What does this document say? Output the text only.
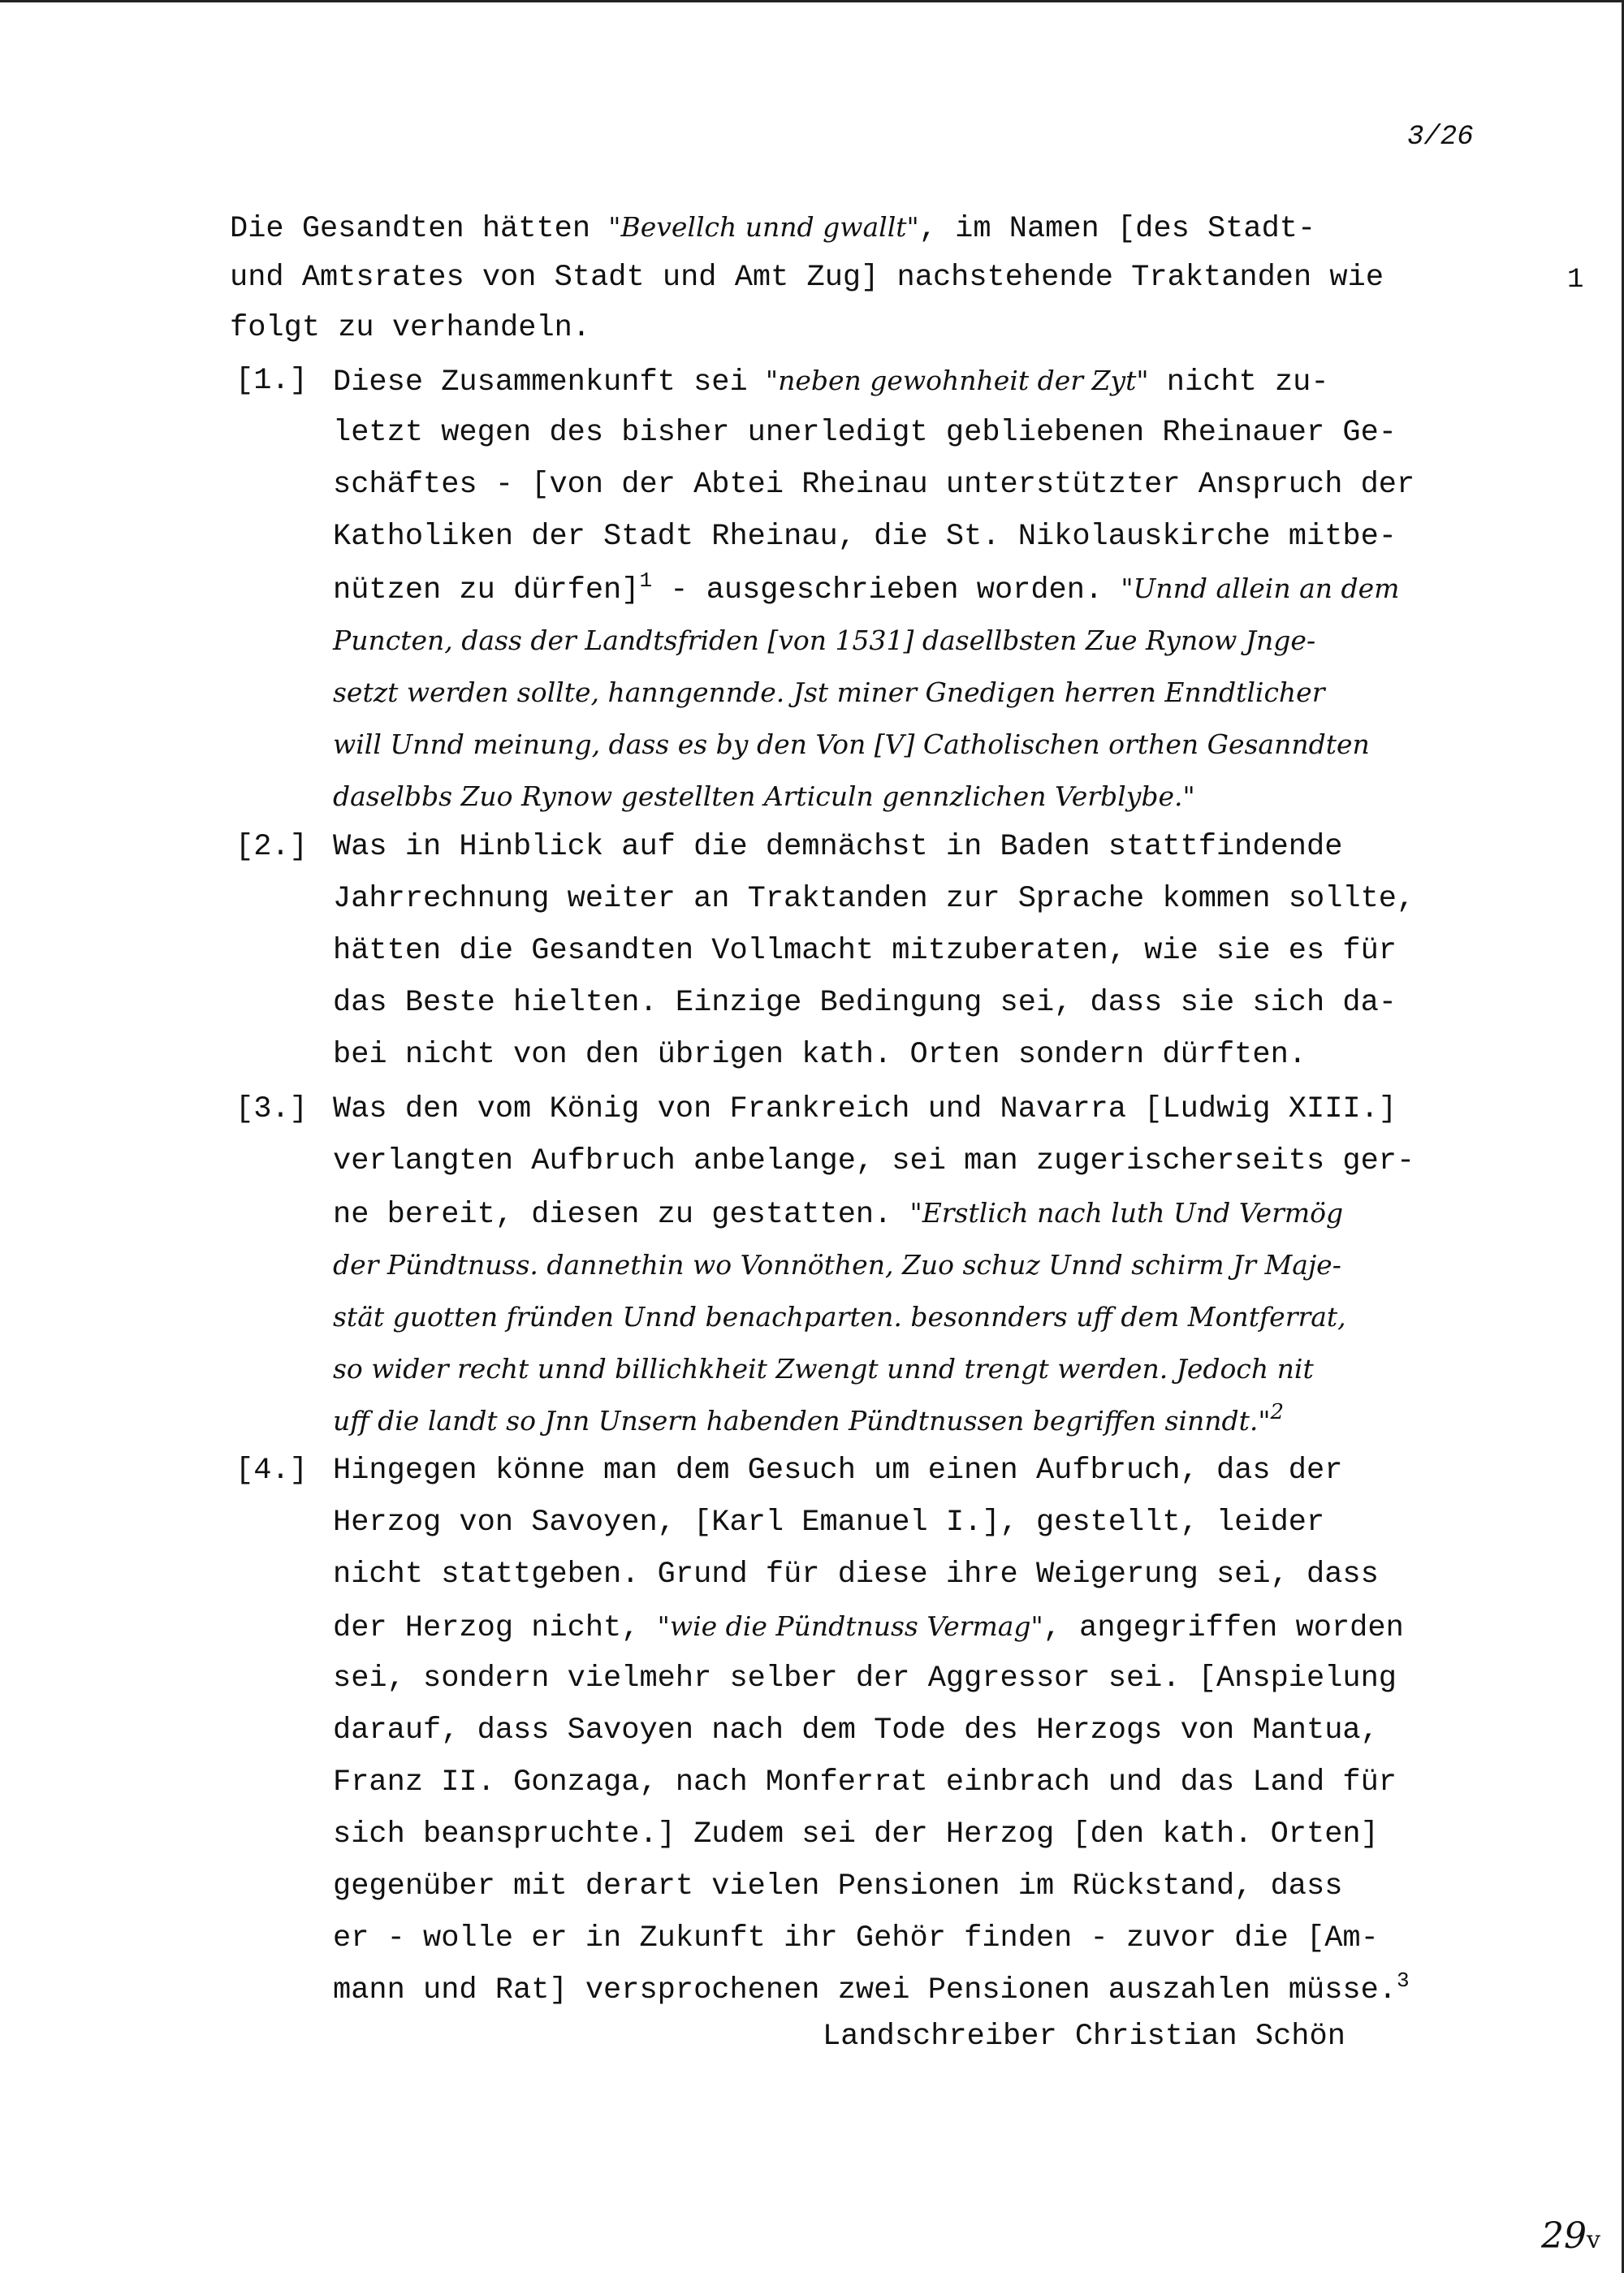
3/26
1
Die Gesandten hätten "Bevellch unnd gwallt", im Namen [des Stadt-
und Amtsrates von Stadt und Amt Zug] nachstehende Traktanden wie
folgt zu verhandeln.
[1.] Diese Zusammenkunft sei "neben gewohnheit der Zyt" nicht zu-
letzt wegen des bisher unerledigt gebliebenen Rheinauer Ge-
schäftes - [von der Abtei Rheinau unterstützter Anspruch der
Katholiken der Stadt Rheinau, die St. Nikolauskirche mitbe-
nützen zu dürfen]$^1$ - ausgeschrieben worden. "Unnd allein an dem
Puncten, dass der Landtsfriden [von 1531] dasellbsten Zue Rynow Jnge-
setzt werden sollte, hanngennde. Jst miner Gnedigen herren Enndtlicher
will Unnd meinung, dass es by den Von [V] Catholischen orthen Gesanndten
daselbbs Zuo Rynow gestellten Articuln gennzlichen Verblybe."
[2.] Was in Hinblick auf die demnächst in Baden stattfindende
Jahrrechnung weiter an Traktanden zur Sprache kommen sollte,
hätten die Gesandten Vollmacht mitzuberaten, wie sie es für
das Beste hielten. Einzige Bedingung sei, dass sie sich da-
bei nicht von den übrigen kath. Orten sondern dürften.
[3.] Was den vom König von Frankreich und Navarra [Ludwig XIII.]
verlangten Aufbruch anbelange, sei man zugerischerseits ger-
ne bereit, diesen zu gestatten. "Erstlich nach luth Und Vermög
der Pündtnuss. dannethin wo Vonnöthen, Zuo schuz Unnd schirm Jr Maje-
stät guotten fründen Unnd benachparten. besonnders uff dem Montferrat,
so wider recht unnd billichkheit Zwengt unnd trengt werden. Jedoch nit
uff die landt so Jnn Unsern habenden Pündtnussen begriffen sinndt."$^2$
[4.] Hingegen könne man dem Gesuch um einen Aufbruch, das der
Herzog von Savoyen, [Karl Emanuel I.], gestellt, leider
nicht stattgeben. Grund für diese ihre Weigerung sei, dass
der Herzog nicht, "wie die Pündtnuss Vermag", angegriffen worden
sei, sondern vielmehr selber der Aggressor sei. [Anspielung
darauf, dass Savoyen nach dem Tode des Herzogs von Mantua,
Franz II. Gonzaga, nach Monferrat einbrach und das Land für
sich beanspruchte.] Zudem sei der Herzog [den kath. Orten]
gegenüber mit derart vielen Pensionen im Rückstand, dass
er - wolle er in Zukunft ihr Gehör finden - zuvor die [Am-
mann und Rat] versprochenen zwei Pensionen auszahlen müsse.$^3$
Landschreiber Christian Schön
29v
